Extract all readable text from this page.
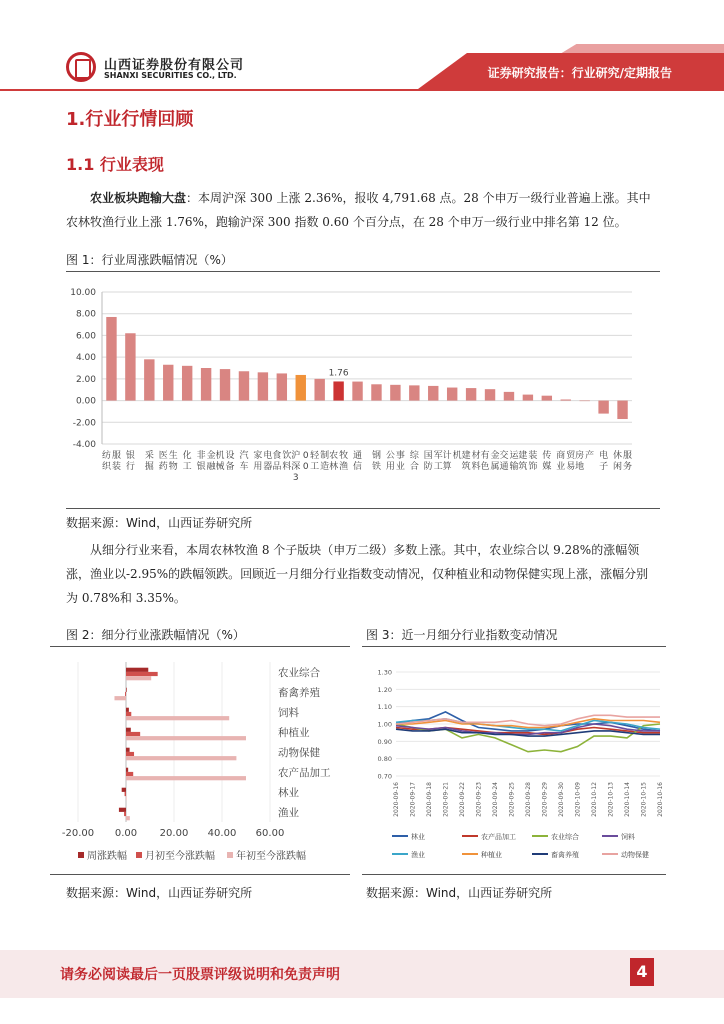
山西证券股份有限公司
SHANXI SECURITIES CO., LTD.	证券研究报告：行业研究/定期报告
1.行业行情回顾
1.1 行业表现
农业板块跑输大盘：本周沪深 300 上涨 2.36%，报收 4,791.68 点。28 个申万一级行业普遍上涨。其中农林牧渔行业上涨 1.76%，跑输沪深 300 指数 0.60 个百分点，在 28 个申万一级行业中排名第 12 位。
图 1：行业周涨跌幅情况（%）
10.00
8.00
6.00
4.00
2.00
0.00
-2.00
-4.00
纺
织
服
装
银
行
采
掘
医
药
生
物
化
工
非
银
金
融
机
械
设
备
汽
车
家
用
电
器
食
品
饮
料
沪
深
3
0
0
轻
工
制
造
1.76
农
林
牧
渔
通
信
钢
铁
公
用
事
业
综
合
国
防
军
工
计
算
机 建
筑
材
料
有
色
金
属
交
通
运
输
建
筑
装
饰
传
媒
商
业
贸
易
房
地
产 电
子
休
闲
服
务
数据来源：Wind，山西证券研究所
从细分行业来看，本周农林牧渔 8 个子版块（申万二级）多数上涨。其中，农业综合以 9.28%的涨幅领涨，渔业以-2.95%的跌幅领跌。回顾近一月细分行业指数变动情况，仅种植业和动物保健实现上涨，涨幅分别为 0.78%和 3.35%。
图 2：细分行业涨跌幅情况（%）	图 3：近一月细分行业指数变动情况
-20.00 0.00 20.00 40.00 60.00
农业综合
畜禽养殖
饲料
种植业
动物保健
农产品加工
林业
渔业
周涨跌幅 月初至今涨跌幅 年初至今涨跌幅
1.30
1.20
1.10
1.00
0.90
0.80
0.70
2020-09-16 2020-09-17 2020-09-18 2020-09-21 2020-09-22 2020-09-23 2020-09-24 2020-09-25 2020-09-28 2020-09-29 2020-09-30 2020-10-09 2020-10-12 2020-10-13 2020-10-14 2020-10-15 2020-10-16
林业	农产品加工	农业综合	饲料
渔业	种植业	畜禽养殖	动物保健
数据来源：Wind，山西证券研究所	数据来源：Wind，山西证券研究所
请务必阅读最后一页股票评级说明和免责声明	4
